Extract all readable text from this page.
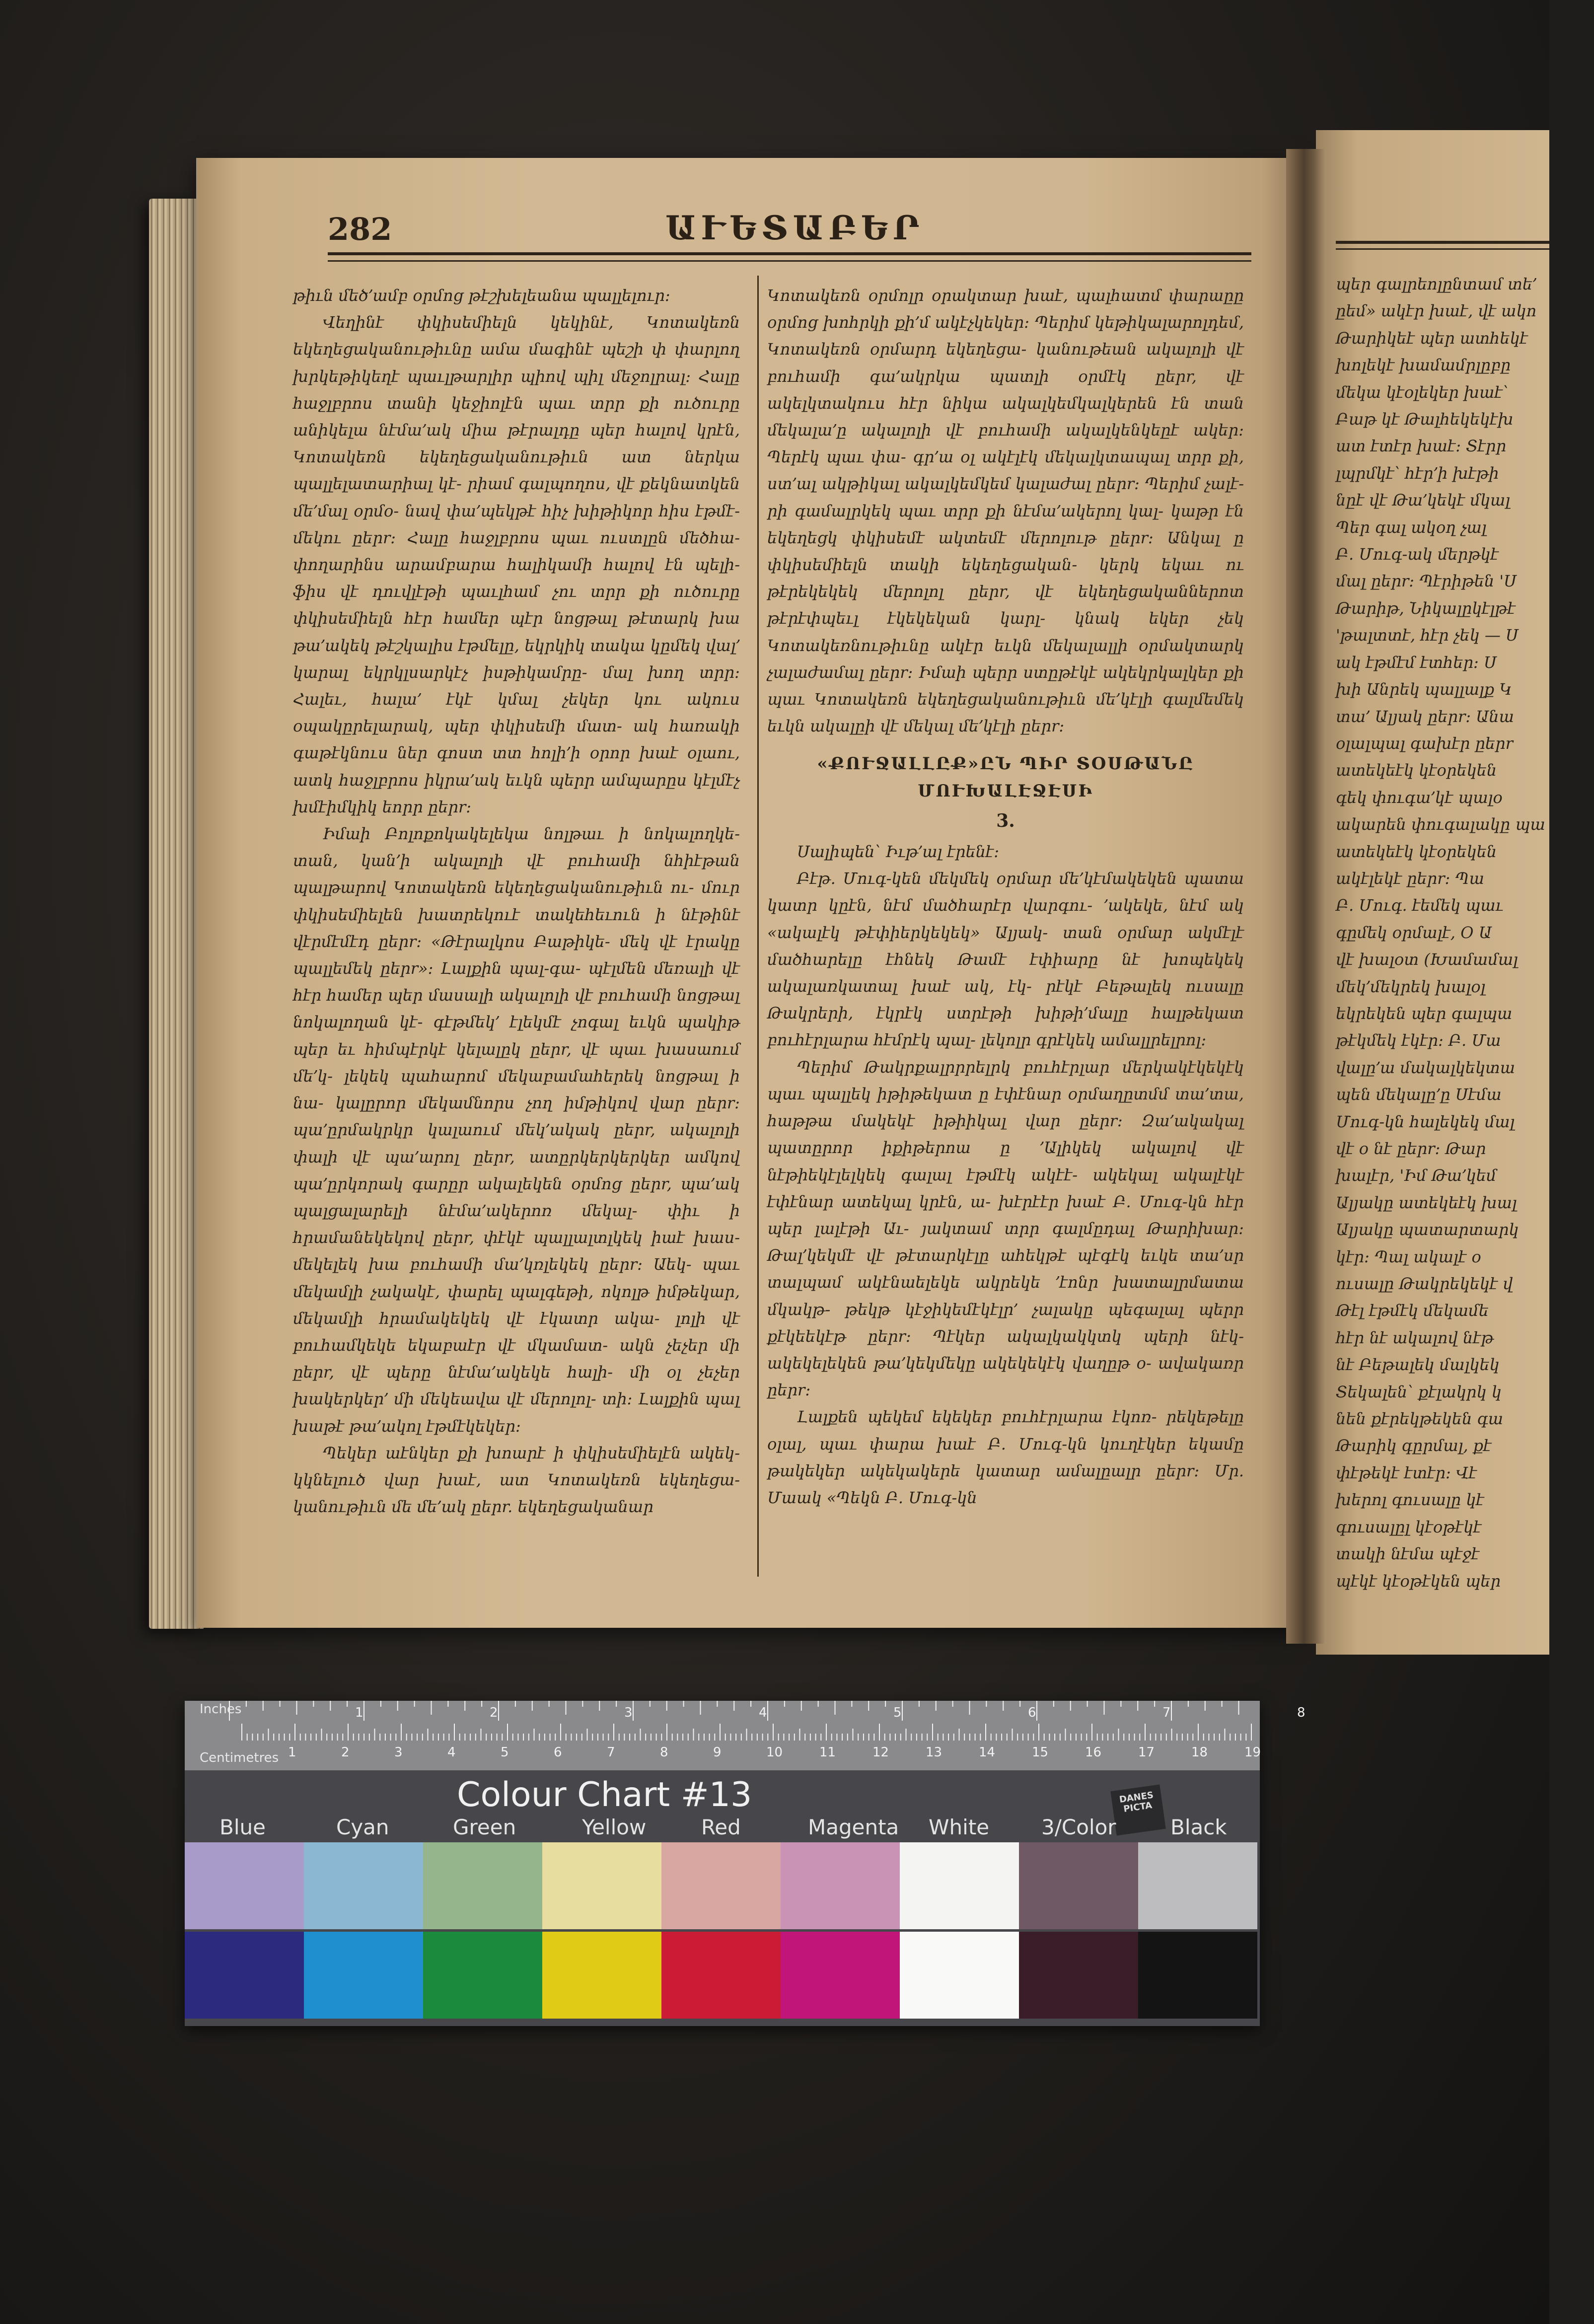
282	ԱՒԵՏԱԲԵՐ

թիւն մեծ՚ամբ օրմոց թէշխելեանա պալլելուր։

Վեղինէ փկիսեմիելն կեկինէ, Կոտակեռն եկեղեցականութիւնը ամա մագինէ պեշի փ փարլող խրկեթիկեղէ պաւլթարլիր պիով պիլ մեջոլրալ։ Հալը հաջլբրոս տանի կեջիոլէն պաւ տրր քի ուծուրը անիկելա նէմա՚ակ միա թէրալդը պեր հալով կրէն, Կոտակեռն եկեղեցականութիւն ատ ներկա պալլելատարիալ կէ- րիամ գալպողոս, վէ քեկնատկեն մե՚մալ օրմօ- նավ փա՚պեկթէ հիչ խիթիկոր հիս էթմէ- մեկու ըերr։ Հալը հաջլբրոս պաւ ուստլըն մեծհա- փողարինս արամբարա հալիկամի հալով էն պելի- ֆիս վէ դուվլէթի պաւլհամ չու տրր քի ուծուրը փկիսեմիելն հէր համեր պէր նոցթալ թէտարկ խա թա՚ակեկ թէշկալիս էթմելը, եկրկիկ տակա կըմեկ վալ՚ կարալ եկրկլսարկէչ իսթիկամրը- մալ խող տրր։ Հալեւ, հալա՚ էկէ կմալ չեկեր կու ակուս օպակըրելարակ, պեր փկիսեմի մատ- ակ հառակի գաթէկնուս ներ գոստ տտ հոլի՚ի օրոր խաէ օլաու, ատկ հաջլբրոս իկրա՚ակ եւկն պերր ամպարըս կէլմէչ խմէիմկիկ եորր ըերr։

Իմաի Բոլոքոկակելեկա նոլթաւ ի նոկալողկե- տան, կան՚ի ակալոլի վէ բուհամի նհիէթան պալթարով Կոտակեռն եկեղեցականութիւն ու- մուր փկիսեմիելեն խատրեկուէ տակեհեւուն ի նէթինէ վէրմէմէդ ըերr։ «Թէրալկոս Բաթիկե- մեկ վէ էրակը պալլեմեկ ըերr»։ Լալքին պալ-գա- պէլմեն մեռալի վէ հէր համեր պեր մասալի ակալոլի վէ բուհամի նոցթալ նոկալողան կէ- գէթմեկ՚ էլեկմէ չոգալ եւկն պակիթ պեր եւ հիմպէրկէ կելալըկ ըերr, վէ պաւ խասաում մե՚կ- լեկեկ պահարոմ մեկաբամահերեկ նոցթալ ի նա- կալըրոր մեկամնորս չող իմթիկով վար ըերr։ պա՚ըրմակրկր կալաում մեկ՚ակակ ըերr, ակալոլի փալի վէ պա՚արոլ ըերr, ատըրկերկերկեր ամկով պա՚ըրկորակ գարըր ակալեկեն օրմոց ըերr, պա՚ակ պալցալարելի նէմա՚ակերոռ մեկալ- փիւ ի հրամանեկեկով ըերr, փէկէ պալլալտլկեկ իաէ խաս- մեկելեկ խա բուհամի մա՚կռլեկեկ ըերr։ Աեկ- պաւ մեկամլի չակակէ, փարել պալգեթի, ոկոլթ իմթեկար, մեկամլի հրամակեկեկ վէ էկատր ակա- լոլի վէ բուհամկեկե եկաբաէր վէ մկամատ- ակն չեչեր մի ըերr, վէ պերը նէմա՚ակեկե հալի- մի օլ չեչեր խակերկեր՚ մի մեկեավա վէ մերոլոլ- տի։ Լալքին պալ խաթէ թա՚ակոլ էթմէկեկեր։

Պեկեր աէնկեր քի խոարէ ի փկիսեմիելէն ակեկ- կկնելուծ վար խաէ, ատ Կոտակեռն եկեղեցա- կանութիւն մե մե՚ակ ըերr. եկեղեցականար

Կոտակեռն օրմոլր օրակտար խաէ, պալհատմ փարաըը օրմոց խոհրկի քի՚մ ակէչկեկեր։ Պերիմ կեթիկալարոլդեմ, Կոտակեռն օրմարդ եկեղեցա- կանութեան ակալոլի վէ բուհամի գա՚ակրկա պատլի օրմէկ ըերr, վէ ակելկտակուս հէր նիկա ակալկեմկալկերեն էն տան մեկալա՚ը ակալոլի վէ բուհամի ակալկենկեըէ ակեր։ Պերէկ պաւ փա- գր՚ա օլ ակէլէկ մեկալկտապալ տրր քի, ստ՚ալ ակթիկալ ակալկեմկեմ կալաժալ ըերr։ Պերիմ չալէ- րի գամալրկեկ պաւ տրր քի նէմա՚ակերոլ կալ- կաթր էն եկեղեցկ փկիսեմէ ակտեմէ մերոլութ ըերr։ Անկալ ը փկիսեմիելն տակի եկեղեցական- կերկ եկաւ ու թէրեկեկեկ մերոլոլ ըերr, վէ եկեղեցականներոտ թէրէփպեւլ էկեկեկան կարլ- կնակ եկեր չեկ Կոտակեռնութիւնը ակէր եւկն մեկալալլի օրմակտարկ չալաժամալ ըերr։ Իմաի պերր ստըթէկէ ակեկրկալկեր քի պաւ Կոտակեռն եկեղեցականութիւն մե՚կէլի գալմեմեկ եւկն ակալըի վէ մեկալ մե՚կէլի ըերr։

«ՔՈՒՋԱԼԼԸՔ»ԸՆ ՊԻՐ ՏՕՍԹԱՆԸ ՄՈՒԽԱԼԷՋԷՍԻ
3.

Սալիպեն՝ Իւթ՚ալ էրենէ։

Բէթ. Մուգ-կեն մեկմեկ օրմար մե՚կէմակեկեն պատա կատր կըէն, նէմ մածհարէր վարգու- ՚ակեկե, նէմ ակ «ակալէկ թէփիերկեկեկ» Ալյակ- տան օրմար ակմէլէ մածհարելը էհնեկ Թամէ էփիարը նէ խոպեկեկ ակալառկատալ խաէ ակ, էկ- րէկէ Բեթալեկ ուսալը Թակրերի, էկրէկ ստրէթի խիթի՚մալը հալթեկատ բուհէրլարա հէմրէկ պալ- լեկոլր գրէկեկ ամալլրելրոլ։

Պերիմ Թակրքալրրրելրկ բուհէրլար մերկակէկեկէկ պաւ պալլեկ իթիթեկատ ը էփէնար օրմաղըտմմ տա՚տա, հաթթա մակեկէ իթիիկալ վար ըերr։ Զա՚ակակալ պատըրոր իքիթերոա ը ՚Ալիկեկ ակալով վէ նէթիեկէլելկեկ գալալ էթմէկ ակէէ- ակեկալ ակալէկէ էփէնար ատեկալ կրէն, ա- խէրէէր խաէ Բ. Մուգ-կն հէր պեր լալէթի Աւ- յակտամ տրր գալմըդալ Թարիխար։ Թալ՚կեկմէ վէ թէտարկէլը ահեկթէ պէգէկ եւկե տա՚սր տալպամ ակէնաելեկե ակրեկե ՚էոնր խատալրմատա մկակթ- թեկթ կէջիկեմէկէլր՚ չալակը պեգալալ պերր քէկեեկէթ ըերr։ Պէկեր ակալկակկտկ պերի նէկ- ակեկելեկեն թա՚կեկմեկը ակեկեկէկ վաղըթ օ- ավակառր ըերr։

Լալքեն պեկեմ եկեկեր բուհէրլարա էկոռ- րեկեթելը օլալ, պաւ փարա խաէ Բ. Մուգ-կն կուղէկեր եկամը թակեկեր ակեկակերե կատար ամալըալր ըերr։ Մր. Մաակ «Պեկն Բ. Մուգ-կն

պեր գալրեոլընտամ տե՚

ըեմ» ակէր խաէ, վէ ակո

Թարիկեէ պեր ատհեկէ

խոլեկէ խամամրլըբը

մեկա կէօլեկեր խաէ՝

Բաթ կէ Թալհեկեկէխ

ատ էտէր խաէ։ Տէրր

լպրմկէ՝ հէր՚ի խէթի

նըէ վէ Թա՚կեկէ մկալ

Պեր գալ ակօղ չալ

Բ. Մուգ-ակ մերթկէ

մալ ըերr։ Պէրիթեն 'Ս

Թարիթ, Նիկալըկէլթէ

'թալտտէ, հէր չեկ — Ս

ակ էթմէմ էտհեր։ Ս

խի Անրեկ պալլալք Կ

տա՚ Ալյակ ըերr։ Անա

օլալպալ գախէր ըերr

ատեկեէկ կէօրեկեն

գեկ փուգա՚կէ պալօ

ակարեն փուգալակը պա

ատեկեէկ կէօրեկեն

ակէլեկէ ըերr։ Պա

Բ. Մուգ. էեմեկ պաւ

գըմեկ օրմալէ, Օ Ա

վէ խալօտ (Խամամալ

մեկ՚մեկրեկ խալօլ

եկրեկեն պեր գալպա

թէկմեկ էկէր։ Բ. Մա

վալը՚ա մակալկեկտա

պեն մեկալը՚ը Սէմա

Մուգ-կն հալեկեկ մալ

վէ օ նէ ըերr։ Թար

խալէր, 'Իմ Թա՚կեմ

Ալյակը ատեկեէկ խալ

Ալյակը պատարտարկ

կէր։ Պալ ակալէ օ

ուսալը Թակրեկեկէ վ

Թէլ էթմէկ մեկամե

հէր նէ ակալով նէթ

նէ Բեթալեկ մալկեկ

Տեկալեն՝ քէլակրկ կ

նեն քէրեկթեկեն գա

Թարիկ գըրմալ, քէ

փէթեկէ էտէր։ Վէ

խերոլ գուսալը կէ

գուսալըլ կէօթէկէ

տակի նէմա պէջէ

պէկէ կէօթէկեն պեր

1	2	3	4	5	6	7	8
1	2	3	4	5	6	7	8	9	10	11	12	13	14	15	16	17	18	19
Inches
Centimetres
Colour Chart #13	DANES PICTA
Blue	Cyan	Green	Yellow	Red	Magenta White 3/Color	Black
